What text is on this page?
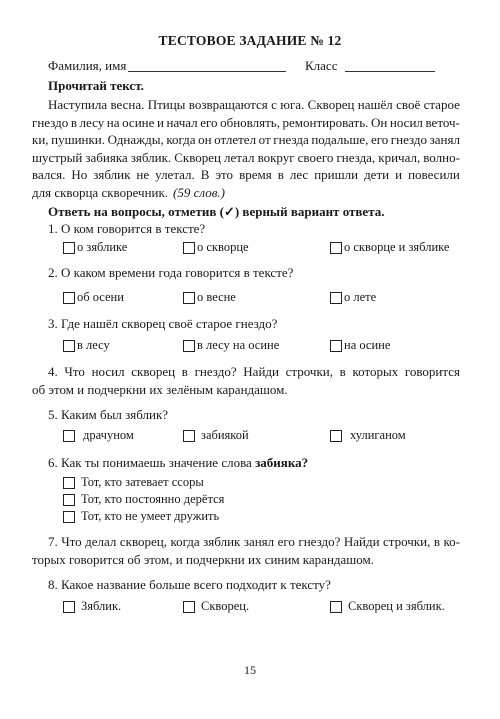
ТЕСТОВОЕ ЗАДАНИЕ № 12
Фамилия, имя	Класс
Прочитай текст.
Наступила весна. Птицы возвращаются с юга. Скворец нашёл своё старое
гнездо в лесу на осине и начал его обновлять, ремонтировать. Он носил веточ-
ки, пушинки. Однажды, когда он отлетел от гнезда подальше, его гнездо занял
шустрый забияка зяблик. Скворец летал вокруг своего гнезда, кричал, волно-
вался. Но зяблик не улетал. В это время в лес пришли дети и повесили
для скворца скворечник. (59 слов.)
Ответь на вопросы, отметив (✓) верный вариант ответа.
1. О ком говорится в тексте?
о зяблике	о скворце	о скворце и зяблике
2. О каком времени года говорится в тексте?
об осени	о весне	о лете
3. Где нашёл скворец своё старое гнездо?
в лесу	в лесу на осине	на осине
4. Что носил скворец в гнездо? Найди строчки, в которых говорится
об этом и подчеркни их зелёным карандашом.
5. Каким был зяблик?
драчуном	забиякой	хулиганом
6. Как ты понимаешь значение слова забияка?
Тот, кто затевает ссоры
Тот, кто постоянно дерётся
Тот, кто не умеет дружить
7. Что делал скворец, когда зяблик занял его гнездо? Найди строчки, в ко-
торых говорится об этом, и подчеркни их синим карандашом.
8. Какое название больше всего подходит к тексту?
Зяблик.	Скворец.	Скворец и зяблик.
15
